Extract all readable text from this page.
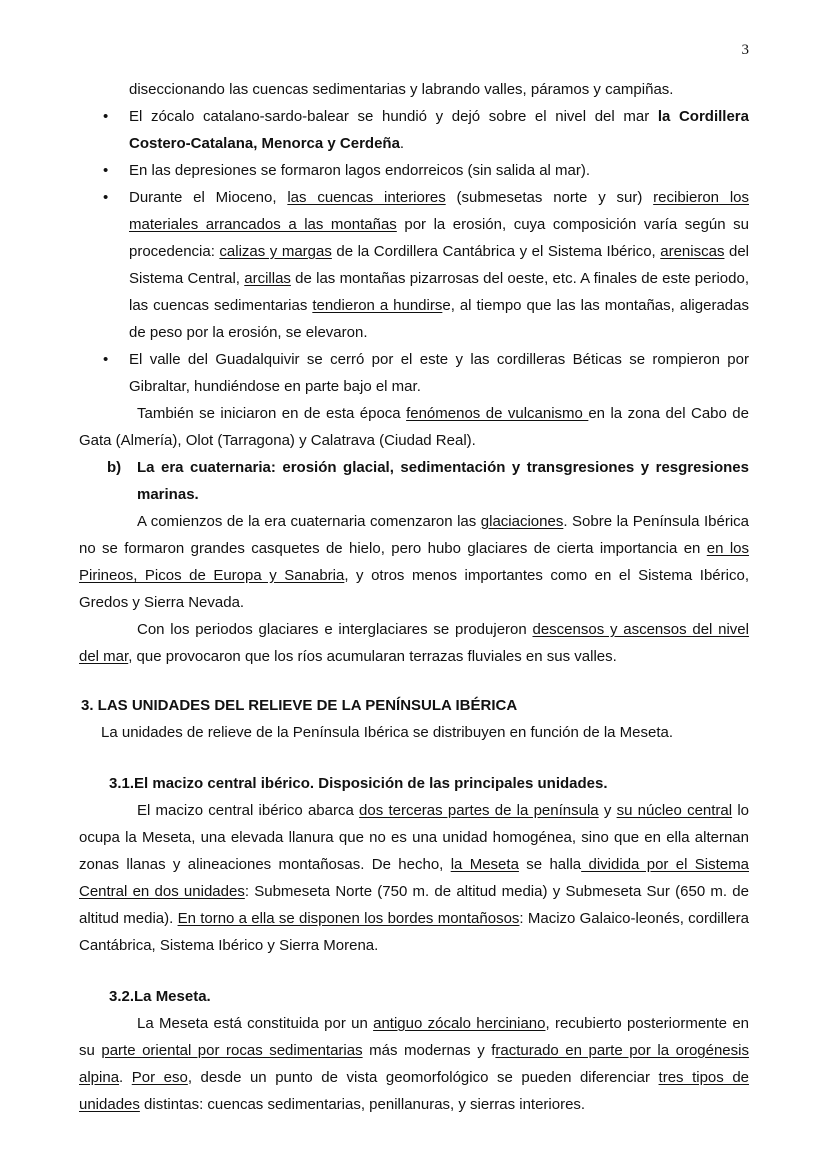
3

diseccionando las cuencas sedimentarias y labrando valles, páramos y campiñas.

• El zócalo catalano-sardo-balear se hundió y dejó sobre el nivel del mar la Cordillera Costero-Catalana, Menorca y Cerdeña.

• En las depresiones se formaron lagos endorreicos (sin salida al mar).

• Durante el Mioceno, las cuencas interiores (submesetas norte y sur) recibieron los materiales arrancados a las montañas por la erosión, cuya composición varía según su procedencia: calizas y margas de la Cordillera Cantábrica y el Sistema Ibérico, areniscas del Sistema Central, arcillas de las montañas pizarrosas del oeste, etc. A finales de este periodo, las cuencas sedimentarias tendieron a hundirse, al tiempo que las las montañas, aligeradas de peso por la erosión, se elevaron.

• El valle del Guadalquivir se cerró por el este y las cordilleras Béticas se rompieron por Gibraltar, hundiéndose en parte bajo el mar.

También se iniciaron en de esta época fenómenos de vulcanismo en la zona del Cabo de Gata (Almería), Olot (Tarragona) y Calatrava (Ciudad Real).

b) La era cuaternaria: erosión glacial, sedimentación y transgresiones y resgresiones marinas.

A comienzos de la era cuaternaria comenzaron las glaciaciones. Sobre la Península Ibérica no se formaron grandes casquetes de hielo, pero hubo glaciares de cierta importancia en en los Pirineos, Picos de Europa y Sanabria, y otros menos importantes como en el Sistema Ibérico, Gredos y Sierra Nevada.

Con los periodos glaciares e interglaciares se produjeron descensos y ascensos del nivel del mar, que provocaron que los ríos acumularan terrazas fluviales en sus valles.

3. LAS UNIDADES DEL RELIEVE DE LA PENÍNSULA IBÉRICA

La unidades de relieve de la Península Ibérica se distribuyen en función de la Meseta.

3.1.El macizo central ibérico. Disposición de las principales unidades.

El macizo central ibérico abarca dos terceras partes de la península y su núcleo central lo ocupa la Meseta, una elevada llanura que no es una unidad homogénea, sino que en ella alternan zonas llanas y alineaciones montañosas. De hecho, la Meseta se halla dividida por el Sistema Central en dos unidades: Submeseta Norte (750 m. de altitud media) y Submeseta Sur (650 m. de altitud media). En torno a ella se disponen los bordes montañosos: Macizo Galaico-leonés, cordillera Cantábrica, Sistema Ibérico y Sierra Morena.

3.2.La Meseta.

La Meseta está constituida por un antiguo zócalo herciniano, recubierto posteriormente en su parte oriental por rocas sedimentarias más modernas y fracturado en parte por la orogénesis alpina. Por eso, desde un punto de vista geomorfológico se pueden diferenciar tres tipos de unidades distintas: cuencas sedimentarias, penillanuras, y sierras interiores.
